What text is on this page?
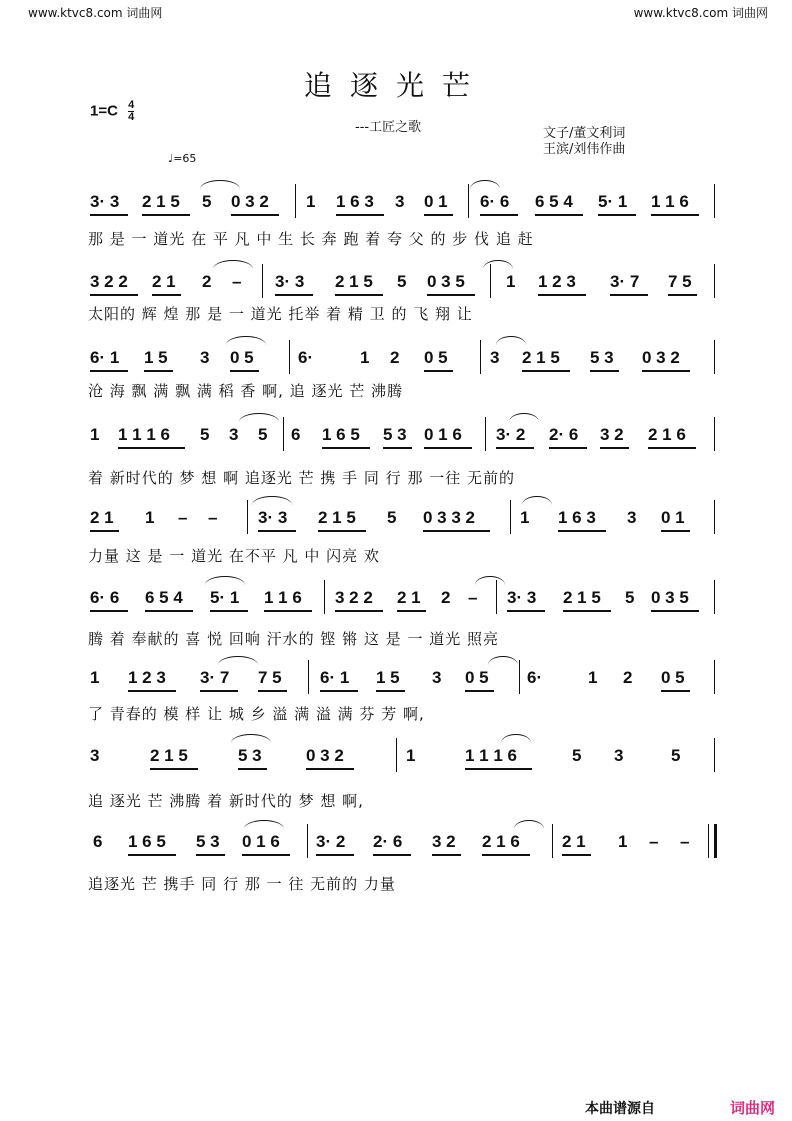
www.ktvc8.com 词曲网	www.ktvc8.com 词曲网
追逐光芒
$1=C \frac{4}{4}$
---工匠之歌	文子/董文利词
王滨/刘伟作曲
♩=65
3· 3 2 1 5 5 0 3 2 1 1 6 3 3 0 1 6· 6 6 5 4 5· 1 1 1 6
那 是 一 道光 在 平 凡 中 生 长 奔 跑 着 夸 父 的 步 伐 追 赶
3 2 2 2 1 2 – 3· 3 2 1 5 5 0 3 5 1 1 2 3 3· 7 7 5
太阳的 辉 煌 那 是 一 道光 托举 着 精 卫 的 飞 翔 让
6· 1 1 5 3 0 5	6·	1 2 0 5 3 2 1 5 5 3 0 3 2
沧 海 飘 满 飘 满 稻 香 啊, 追 逐光 芒 沸腾
1 1 1 1 6 5 3 5 6 1 6 5 5 3 0 1 6 3· 2 2· 6 3 2 2 1 6
着 新时代的 梦 想 啊 追逐光 芒 携 手 同 行 那 一往 无前的
2 1 1 – – 3· 3 2 1 5 5 0 3 3 2	1 1 6 3 3 0 1
力量 这 是 一 道光 在不平 凡 中 闪亮 欢
6· 6 6 5 4 5· 1 1 1 6 3 2 2 2 1 2 – 3· 3 2 1 5 5 0 3 5
腾 着 奉献的 喜 悦 回响 汗水的 铿 锵 这 是 一 道光 照亮
1 1 2 3 3· 7 7 5 6· 1 1 5 3 0 5 6·	1 2 0 5
了 青春的 模 样 让 城 乡 溢 满 溢 满 芬 芳 啊,
3	2 1 5	5 3	0 3 2	1	1 1 1 6	5 3	5
追 逐光 芒 沸腾 着 新时代的 梦 想 啊,
6 1 6 5 5 3 0 1 6 3· 2 2· 6 3 2 2 1 6 2 1 1 – –
追逐光 芒 携手 同 行 那 一 往 无前的 力量
本曲谱源自	词曲网
